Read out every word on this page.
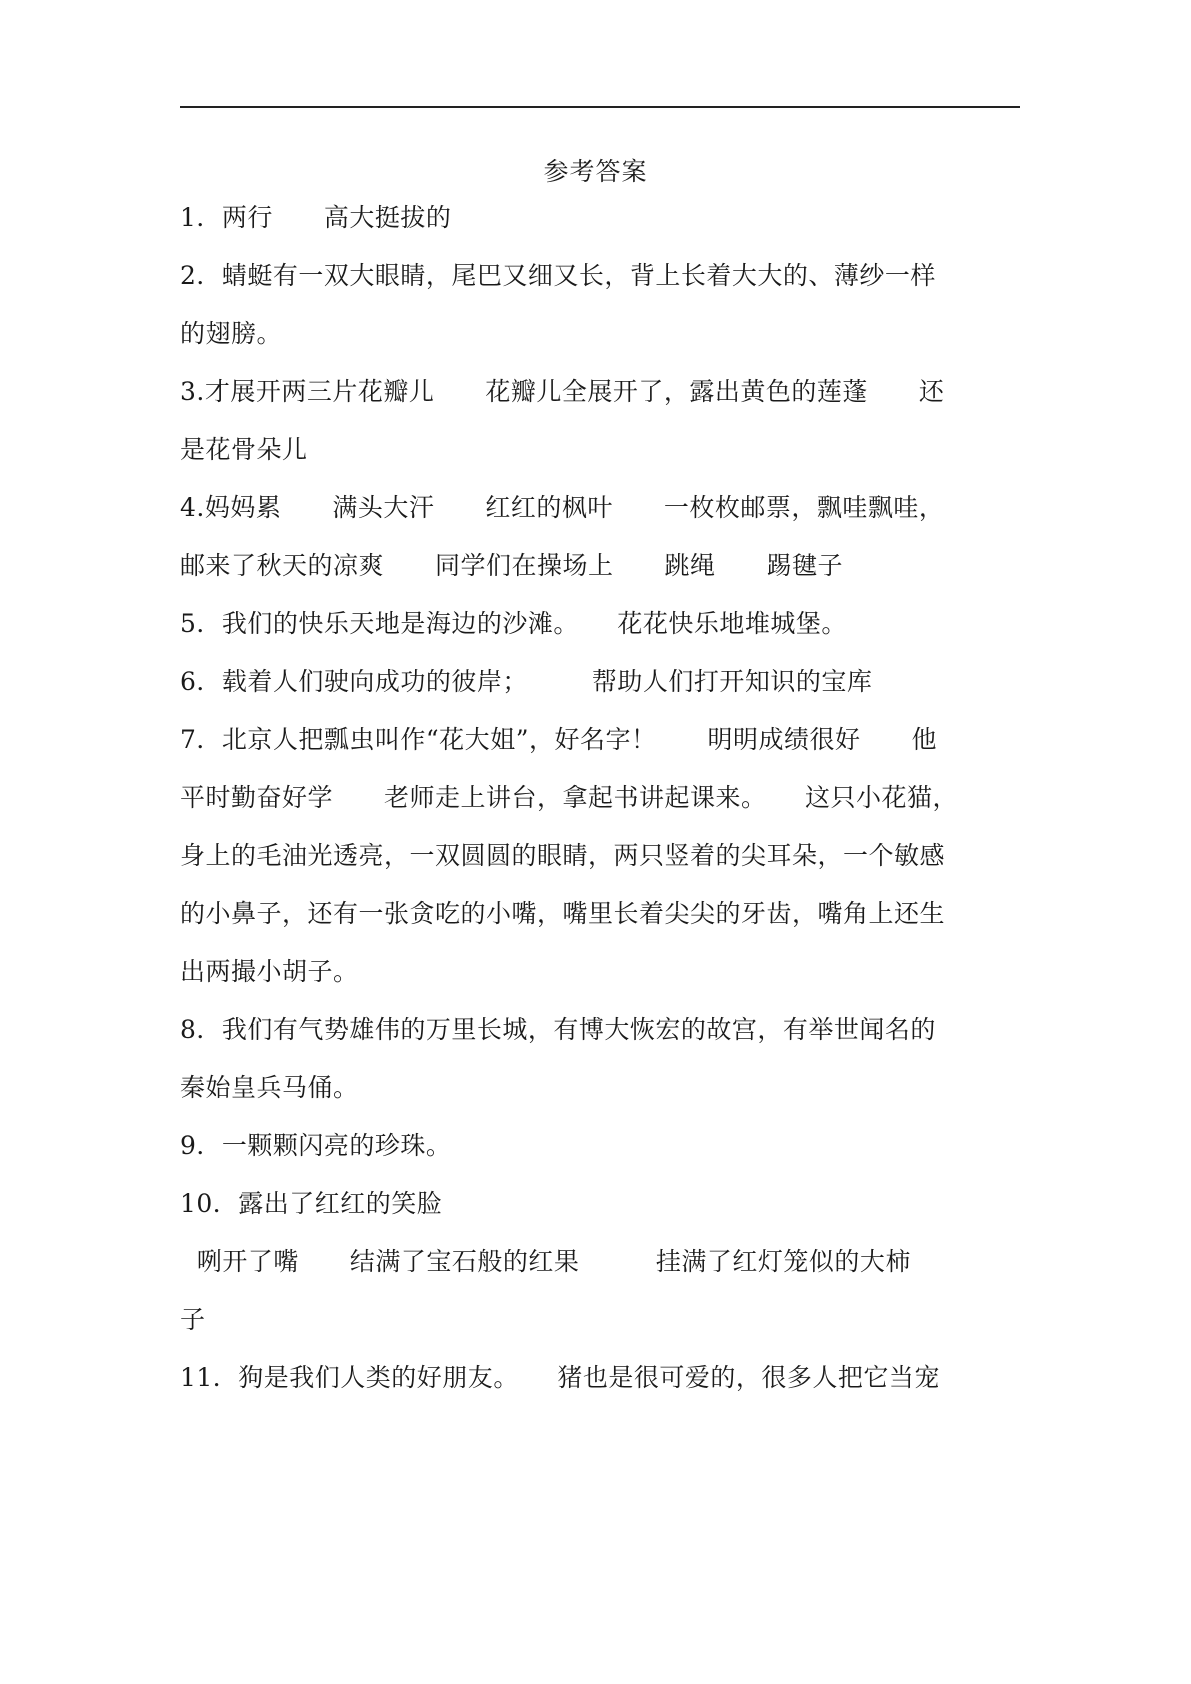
参考答案
1．两行　　高大挺拔的
2．蜻蜓有一双大眼睛，尾巴又细又长，背上长着大大的、薄纱一样
的翅膀。
3.才展开两三片花瓣儿　　花瓣儿全展开了，露出黄色的莲蓬　　还
是花骨朵儿
4.妈妈累　　满头大汗　　红红的枫叶　　一枚枚邮票，飘哇飘哇，
邮来了秋天的凉爽　　同学们在操场上　　跳绳　　踢毽子
5．我们的快乐天地是海边的沙滩。　　花花快乐地堆城堡。
6．载着人们驶向成功的彼岸；　　　帮助人们打开知识的宝库
7．北京人把瓢虫叫作“花大姐”，好名字！　　明明成绩很好　　他
平时勤奋好学　　老师走上讲台，拿起书讲起课来。　　这只小花猫，
身上的毛油光透亮，一双圆圆的眼睛，两只竖着的尖耳朵，一个敏感
的小鼻子，还有一张贪吃的小嘴，嘴里长着尖尖的牙齿，嘴角上还生
出两撮小胡子。
8．我们有气势雄伟的万里长城，有博大恢宏的故宫，有举世闻名的
秦始皇兵马俑。
9．一颗颗闪亮的珍珠。
10．露出了红红的笑脸
咧开了嘴　　结满了宝石般的红果　　　挂满了红灯笼似的大柿
子
11．狗是我们人类的好朋友。　　猪也是很可爱的，很多人把它当宠
